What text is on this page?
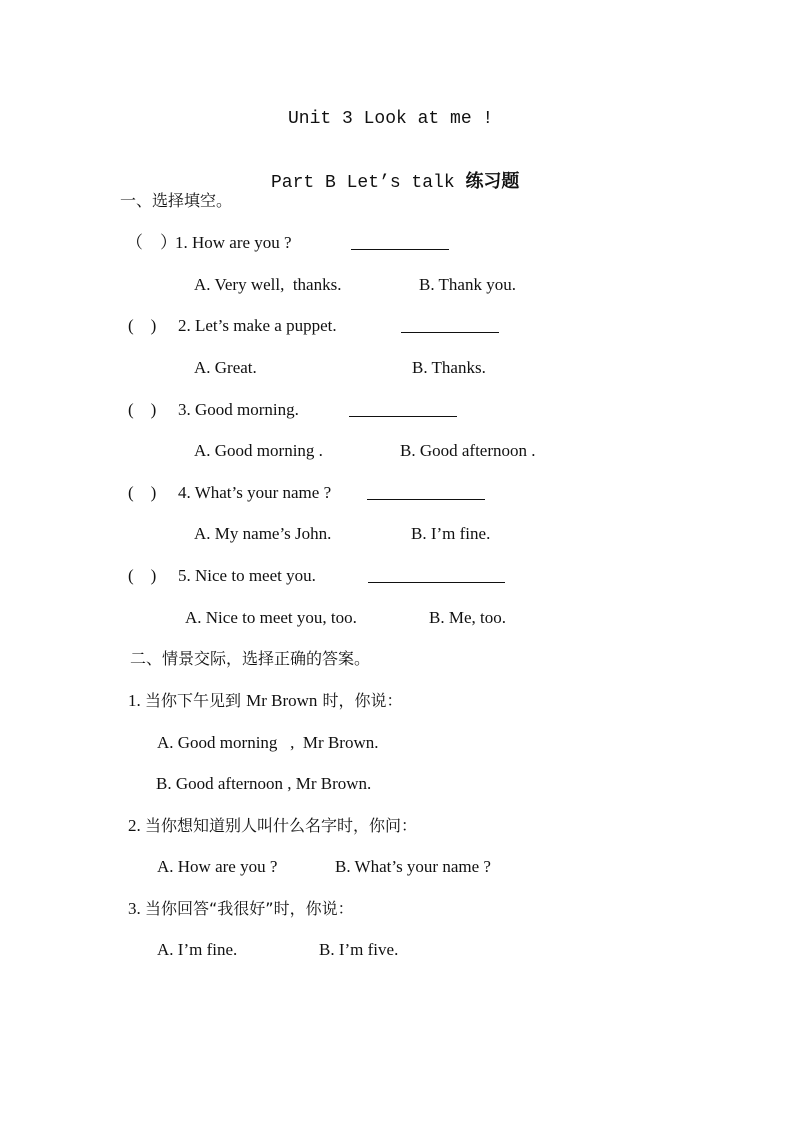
Unit 3 Look at me !

Part B Let’s talk 练习题

一、选择填空。
（　）
1. How are you ?
A. Very well,  thanks.	B. Thank you.
(    ) 2. Let’s make a puppet.
A. Great.	B. Thanks.
(    ) 3. Good morning.
A. Good morning .	B. Good afternoon .
(    ) 4. What’s your name ?
A. My name’s John.	B. I’m fine.
(    ) 5. Nice to meet you.
A. Nice to meet you, too.	B. Me, too.
二、情景交际，选择正确的答案。
1. 当你下午见到 Mr Brown 时，你说：
A. Good morning   ,  Mr Brown.
B. Good afternoon , Mr Brown.
2. 当你想知道别人叫什么名字时，你问：
A. How are you ?	B. What’s your name ?
3. 当你回答“我很好”时，你说：
A. I’m fine.	B. I’m five.
